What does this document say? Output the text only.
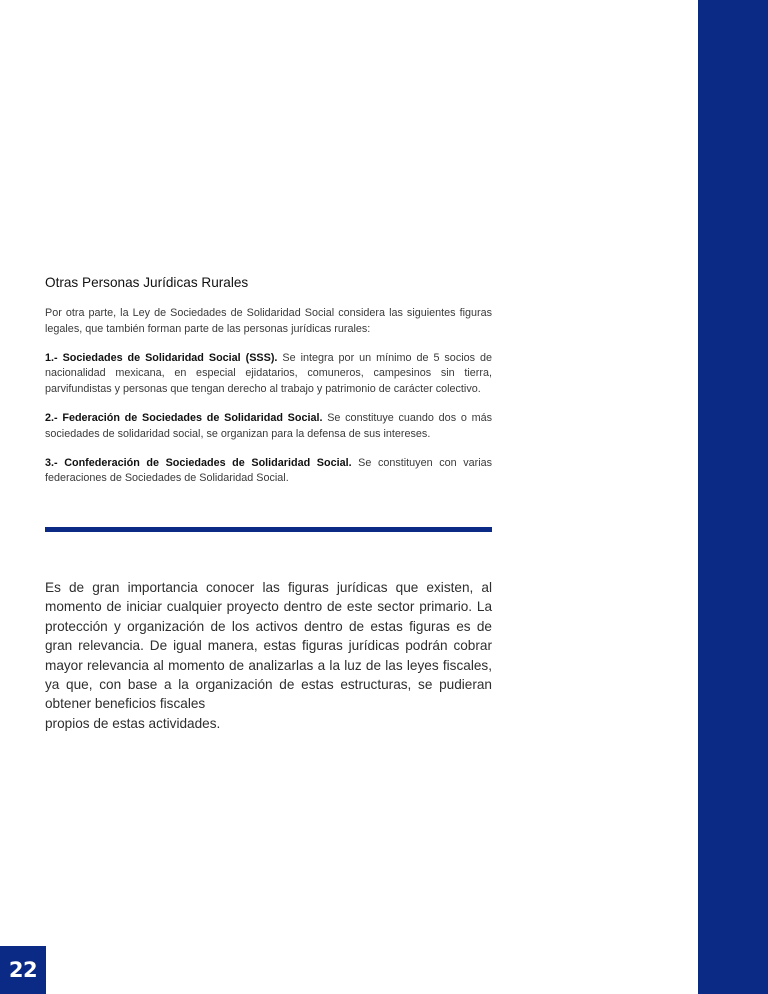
Otras Personas Jurídicas Rurales

Por otra parte, la Ley de Sociedades de Solidaridad Social considera las siguientes figuras legales, que también forman parte de las personas jurídicas rurales:

1.- Sociedades de Solidaridad Social (SSS). Se integra por un mínimo de 5 socios de nacionalidad mexicana, en especial ejidatarios, comuneros, campesinos sin tierra, parvifundistas y personas que tengan derecho al trabajo y patrimonio de carácter colectivo.

2.- Federación de Sociedades de Solidaridad Social. Se constituye cuando dos o más sociedades de solidaridad social, se organizan para la defensa de sus intereses.

3.- Confederación de Sociedades de Solidaridad Social. Se constituyen con varias federaciones de Sociedades de Solidaridad Social.

Es de gran importancia conocer las figuras jurídicas que existen, al momento de iniciar cualquier proyecto dentro de este sector primario. La protección y organización de los activos dentro de estas figuras es de gran relevancia. De igual manera, estas figuras jurídicas podrán cobrar mayor relevancia al momento de analizarlas a la luz de las leyes fiscales, ya que, con base a la organización de estas estructuras, se pudieran obtener beneficios fiscales
propios de estas actividades.

22
